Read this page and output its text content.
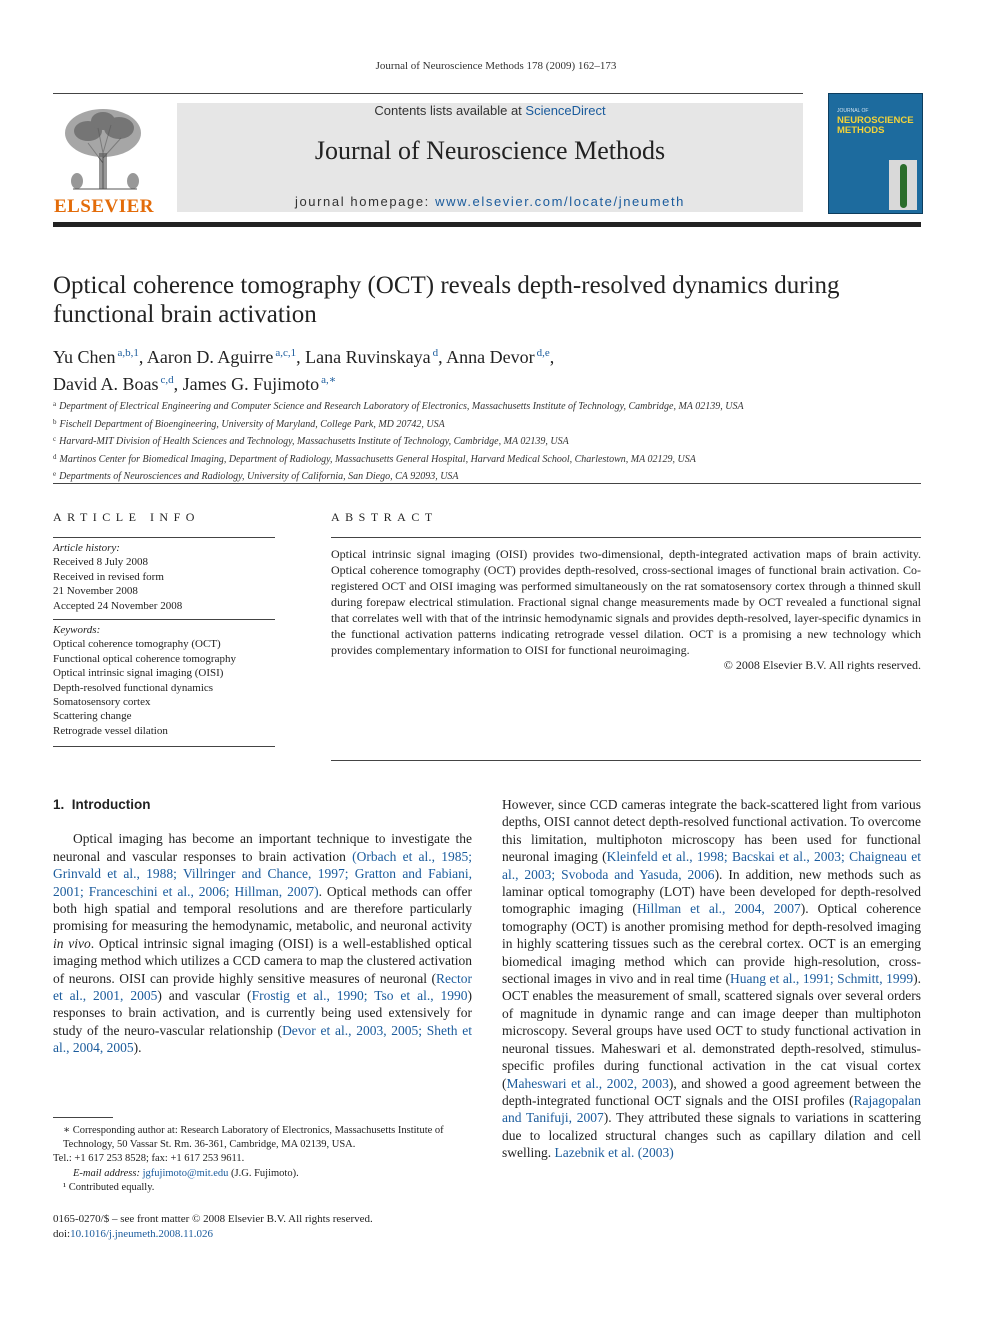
Journal of Neuroscience Methods 178 (2009) 162–173
ELSEVIER
Contents lists available at ScienceDirect
Journal of Neuroscience Methods
journal homepage: www.elsevier.com/locate/jneumeth
JOURNAL OF
NEUROSCIENCE
METHODS
Optical coherence tomography (OCT) reveals depth-resolved dynamics during functional brain activation
Yu Chen $^{a,b,1}$, Aaron D. Aguirre $^{a,c,1}$, Lana Ruvinskaya $^d$, Anna Devor $^{d,e}$,
David A. Boas $^{c,d}$, James G. Fujimoto $^{a,∗}$
$^a$ Department of Electrical Engineering and Computer Science and Research Laboratory of Electronics, Massachusetts Institute of Technology, Cambridge, MA 02139, USA
$^b$ Fischell Department of Bioengineering, University of Maryland, College Park, MD 20742, USA
$^c$ Harvard-MIT Division of Health Sciences and Technology, Massachusetts Institute of Technology, Cambridge, MA 02139, USA
$^d$ Martinos Center for Biomedical Imaging, Department of Radiology, Massachusetts General Hospital, Harvard Medical School, Charlestown, MA 02129, USA
$^e$ Departments of Neurosciences and Radiology, University of California, San Diego, CA 92093, USA
ARTICLE INFO
Article history:
Received 8 July 2008
Received in revised form
21 November 2008
Accepted 24 November 2008
Keywords:
Optical coherence tomography (OCT)
Functional optical coherence tomography
Optical intrinsic signal imaging (OISI)
Depth-resolved functional dynamics
Somatosensory cortex
Scattering change
Retrograde vessel dilation
ABSTRACT
Optical intrinsic signal imaging (OISI) provides two-dimensional, depth-integrated activation maps of brain activity. Optical coherence tomography (OCT) provides depth-resolved, cross-sectional images of functional brain activation. Co-registered OCT and OISI imaging was performed simultaneously on the rat somatosensory cortex through a thinned skull during forepaw electrical stimulation. Fractional signal change measurements made by OCT revealed a functional signal that correlates well with that of the intrinsic hemodynamic signals and provides depth-resolved, layer-specific dynamics in the functional activation patterns indicating retrograde vessel dilation. OCT is a promising a new technology which provides complementary information to OISI for functional neuroimaging.
© 2008 Elsevier B.V. All rights reserved.
1. Introduction
Optical imaging has become an important technique to investigate the neuronal and vascular responses to brain activation (Orbach et al., 1985; Grinvald et al., 1988; Villringer and Chance, 1997; Gratton and Fabiani, 2001; Franceschini et al., 2006; Hillman, 2007). Optical methods can offer both high spatial and temporal resolutions and are therefore particularly promising for measuring the hemodynamic, metabolic, and neuronal activity in vivo. Optical intrinsic signal imaging (OISI) is a well-established optical imaging method which utilizes a CCD camera to map the clustered activation of neurons. OISI can provide highly sensitive measures of neuronal (Rector et al., 2001, 2005) and vascular (Frostig et al., 1990; Tso et al., 1990) responses to brain activation, and is currently being used extensively for study of the neuro-vascular relationship (Devor et al., 2003, 2005; Sheth et al., 2004, 2005).
However, since CCD cameras integrate the back-scattered light from various depths, OISI cannot detect depth-resolved functional activation. To overcome this limitation, multiphoton microscopy has been used for functional neuronal imaging (Kleinfeld et al., 1998; Bacskai et al., 2003; Chaigneau et al., 2003; Svoboda and Yasuda, 2006). In addition, new methods such as laminar optical tomography (LOT) have been developed for depth-resolved tomographic imaging (Hillman et al., 2004, 2007). Optical coherence tomography (OCT) is another promising method for depth-resolved imaging in highly scattering tissues such as the cerebral cortex. OCT is an emerging biomedical imaging method which can provide high-resolution, cross-sectional images in vivo and in real time (Huang et al., 1991; Schmitt, 1999). OCT enables the measurement of small, scattered signals over several orders of magnitude in dynamic range and can image deeper than multiphoton microscopy. Several groups have used OCT to study functional activation in neuronal tissues. Maheswari et al. demonstrated depth-resolved, stimulus-specific profiles during functional activation in the cat visual cortex (Maheswari et al., 2002, 2003), and showed a good agreement between the depth-integrated functional OCT signals and the OISI profiles (Rajagopalan and Tanifuji, 2007). They attributed these signals to variations in scattering due to localized structural changes such as capillary dilation and cell swelling. Lazebnik et al. (2003)
∗ Corresponding author at: Research Laboratory of Electronics, Massachusetts Institute of Technology, 50 Vassar St. Rm. 36-361, Cambridge, MA 02139, USA.
Tel.: +1 617 253 8528; fax: +1 617 253 9611.
E-mail address: jgfujimoto@mit.edu (J.G. Fujimoto).
¹ Contributed equally.
0165-0270/$ – see front matter © 2008 Elsevier B.V. All rights reserved.
doi:10.1016/j.jneumeth.2008.11.026
